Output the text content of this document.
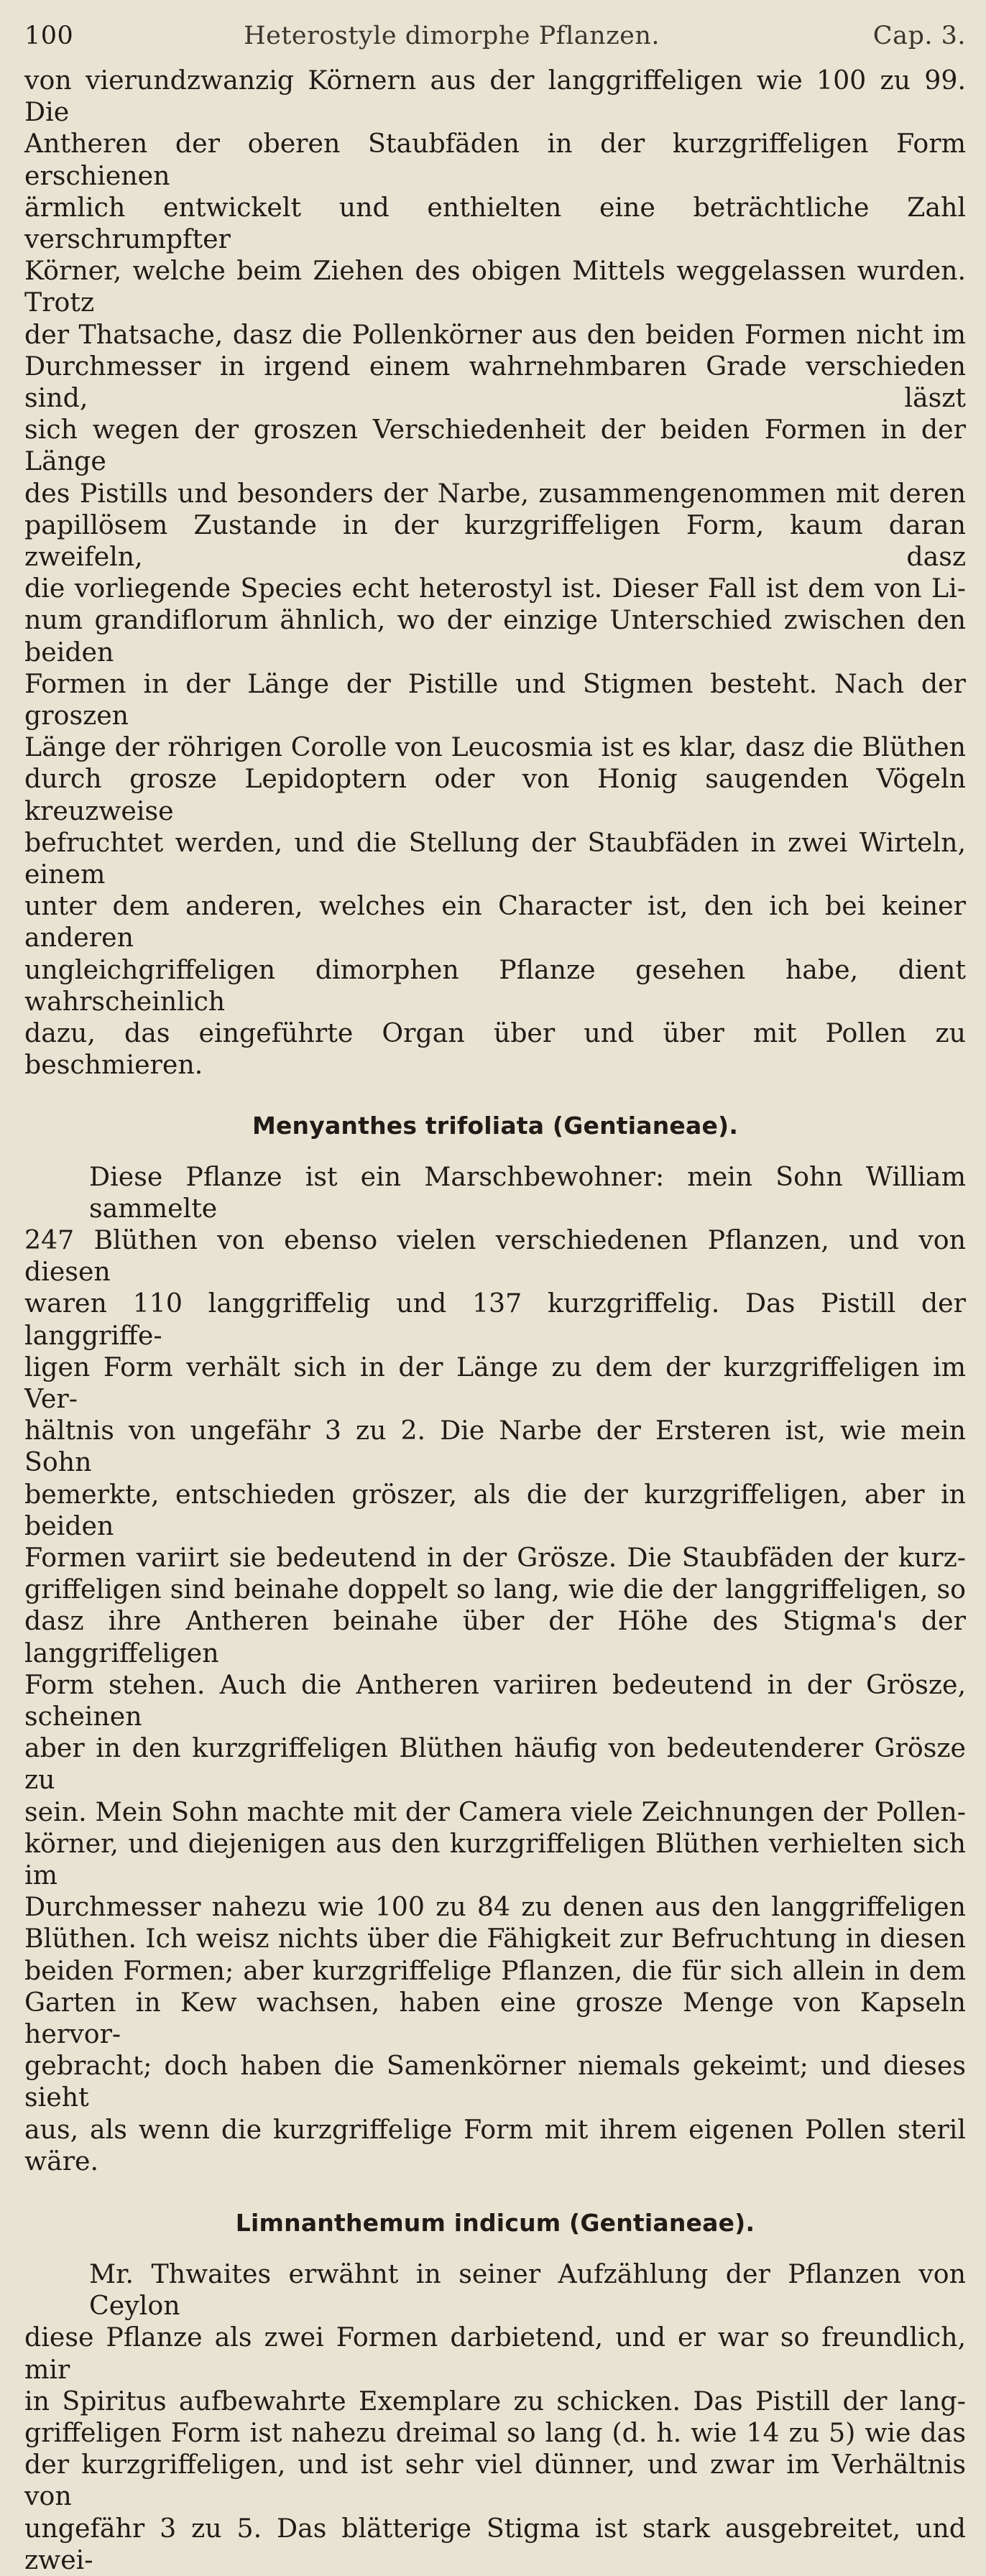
100	Heterostyle dimorphe Pflanzen.	Cap. 3.
von vierundzwanzig Körnern aus der langgriffeligen wie 100 zu 99. Die
Antheren der oberen Staubfäden in der kurzgriffeligen Form erschienen
ärmlich entwickelt und enthielten eine beträchtliche Zahl verschrumpfter
Körner, welche beim Ziehen des obigen Mittels weggelassen wurden. Trotz
der Thatsache, dasz die Pollenkörner aus den beiden Formen nicht im
Durchmesser in irgend einem wahrnehmbaren Grade verschieden sind, läszt
sich wegen der groszen Verschiedenheit der beiden Formen in der Länge
des Pistills und besonders der Narbe, zusammengenommen mit deren
papillösem Zustande in der kurzgriffeligen Form, kaum daran zweifeln, dasz
die vorliegende Species echt heterostyl ist. Dieser Fall ist dem von Li-
num grandiflorum ähnlich, wo der einzige Unterschied zwischen den beiden
Formen in der Länge der Pistille und Stigmen besteht. Nach der groszen
Länge der röhrigen Corolle von Leucosmia ist es klar, dasz die Blüthen
durch grosze Lepidoptern oder von Honig saugenden Vögeln kreuzweise
befruchtet werden, und die Stellung der Staubfäden in zwei Wirteln, einem
unter dem anderen, welches ein Character ist, den ich bei keiner anderen
ungleichgriffeligen dimorphen Pflanze gesehen habe, dient wahrscheinlich
dazu, das eingeführte Organ über und über mit Pollen zu beschmieren.
Menyanthes trifoliata (Gentianeae).
Diese Pflanze ist ein Marschbewohner: mein Sohn William sammelte
247 Blüthen von ebenso vielen verschiedenen Pflanzen, und von diesen
waren 110 langgriffelig und 137 kurzgriffelig. Das Pistill der langgriffe-
ligen Form verhält sich in der Länge zu dem der kurzgriffeligen im Ver-
hältnis von ungefähr 3 zu 2. Die Narbe der Ersteren ist, wie mein Sohn
bemerkte, entschieden gröszer, als die der kurzgriffeligen, aber in beiden
Formen variirt sie bedeutend in der Grösze. Die Staubfäden der kurz-
griffeligen sind beinahe doppelt so lang, wie die der langgriffeligen, so
dasz ihre Antheren beinahe über der Höhe des Stigma's der langgriffeligen
Form stehen. Auch die Antheren variiren bedeutend in der Grösze, scheinen
aber in den kurzgriffeligen Blüthen häufig von bedeutenderer Grösze zu
sein. Mein Sohn machte mit der Camera viele Zeichnungen der Pollen-
körner, und diejenigen aus den kurzgriffeligen Blüthen verhielten sich im
Durchmesser nahezu wie 100 zu 84 zu denen aus den langgriffeligen
Blüthen. Ich weisz nichts über die Fähigkeit zur Befruchtung in diesen
beiden Formen; aber kurzgriffelige Pflanzen, die für sich allein in dem
Garten in Kew wachsen, haben eine grosze Menge von Kapseln hervor-
gebracht; doch haben die Samenkörner niemals gekeimt; und dieses sieht
aus, als wenn die kurzgriffelige Form mit ihrem eigenen Pollen steril wäre.
Limnanthemum indicum (Gentianeae).
Mr. Thwaites erwähnt in seiner Aufzählung der Pflanzen von Ceylon
diese Pflanze als zwei Formen darbietend, und er war so freundlich, mir
in Spiritus aufbewahrte Exemplare zu schicken. Das Pistill der lang-
griffeligen Form ist nahezu dreimal so lang (d. h. wie 14 zu 5) wie das
der kurzgriffeligen, und ist sehr viel dünner, und zwar im Verhältnis von
ungefähr 3 zu 5. Das blätterige Stigma ist stark ausgebreitet, und zwei-
